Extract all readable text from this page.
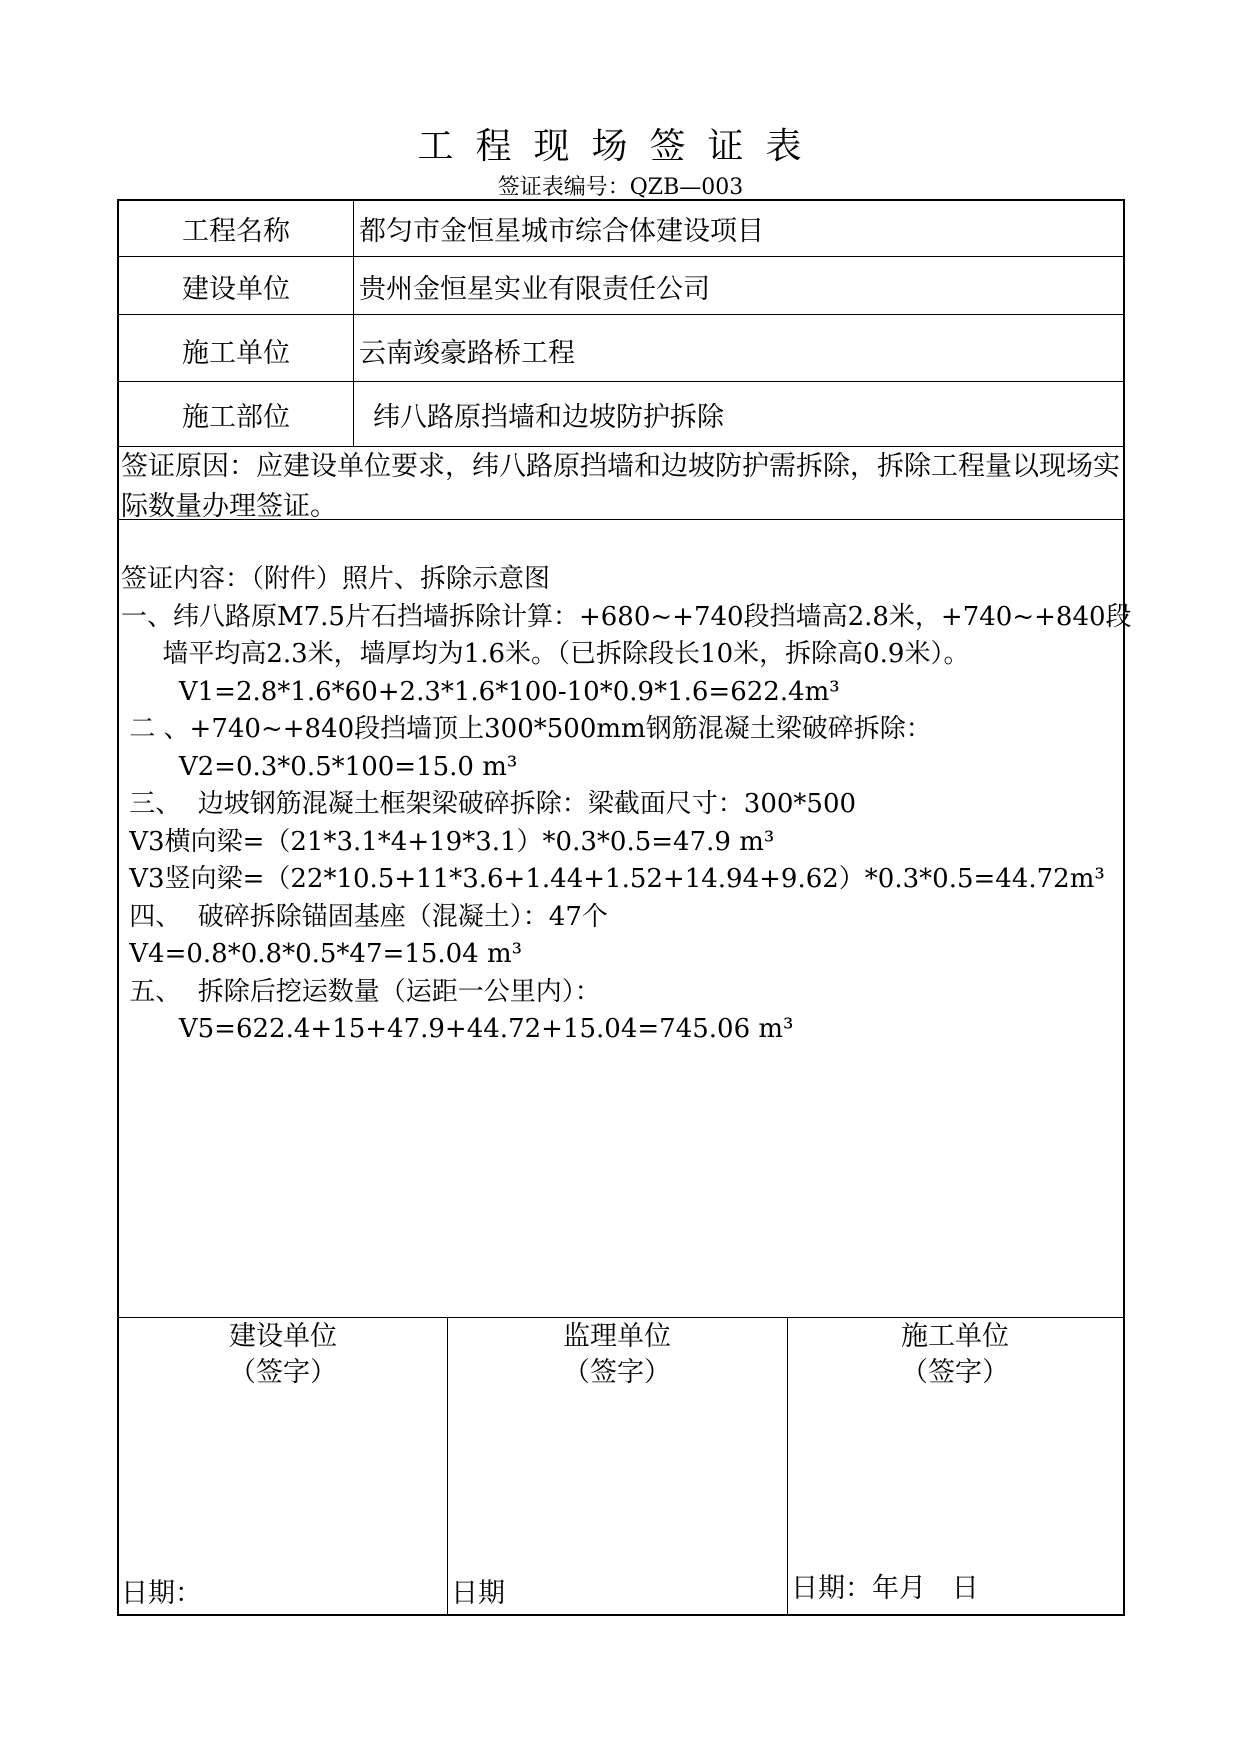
工程现场签证表
签证表编号：QZB—003
工程名称	都匀市金恒星城市综合体建设项目
建设单位	贵州金恒星实业有限责任公司
施工单位	云南竣豪路桥工程
施工部位	纬八路原挡墙和边坡防护拆除
签证原因：应建设单位要求，纬八路原挡墙和边坡防护需拆除，拆除工程量以现场实际数量办理签证。
签证内容：（附件）照片、拆除示意图
一、纬八路原M7.5片石挡墙拆除计算：+680~+740段挡墙高2.8米，+740~+840段
墙平均高2.3米，墙厚均为1.6米。（已拆除段长10米，拆除高0.9米）。
V1=2.8*1.6*60+2.3*1.6*100-10*0.9*1.6=622.4m³
二 、+740~+840段挡墙顶上300*500mm钢筋混凝土梁破碎拆除：
V2=0.3*0.5*100=15.0 m³
三、  边坡钢筋混凝土框架梁破碎拆除：梁截面尺寸：300*500
V3横向梁=（21*3.1*4+19*3.1）*0.3*0.5=47.9 m³
V3竖向梁=（22*10.5+11*3.6+1.44+1.52+14.94+9.62）*0.3*0.5=44.72m³
四、  破碎拆除锚固基座（混凝土）：47个
V4=0.8*0.8*0.5*47=15.04 m³
五、  拆除后挖运数量（运距一公里内）：
V5=622.4+15+47.9+44.72+15.04=745.06 m³
建设单位
（签字）
监理单位
（签字）
施工单位
（签字）
日期：	日期	日期：年月   日
